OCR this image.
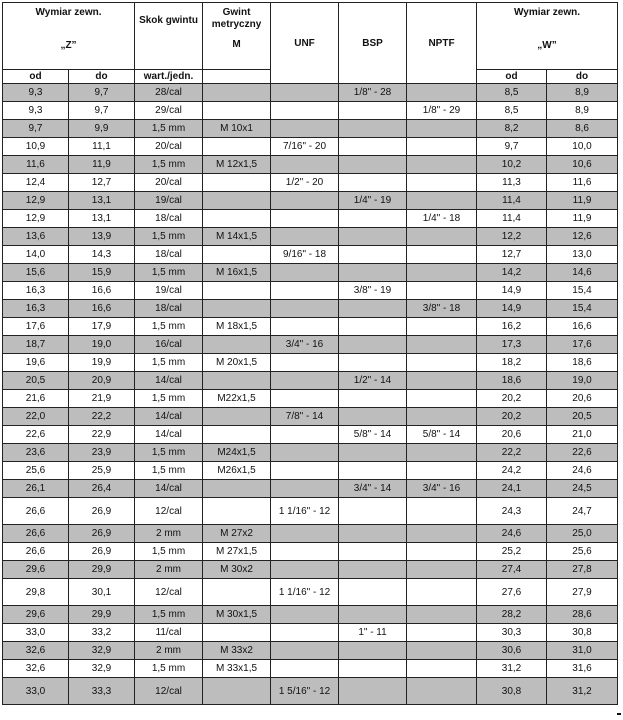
Wymiar zewn.
„Z”		Skok gwintu	Gwint metryczny
M	UNF	BSP	NPTF	Wymiar zewn.
„W”	

od	do	wart./jedn.					od	do
9,3	9,7	28/cal			1/8" - 28		8,5	8,9
9,3	9,7	29/cal				1/8" - 29	8,5	8,9
9,7	9,9	1,5 mm	M 10x1				8,2	8,6
10,9	11,1	20/cal		7/16" - 20			9,7	10,0
11,6	11,9	1,5 mm	M 12x1,5				10,2	10,6
12,4	12,7	20/cal		1/2" - 20			11,3	11,6
12,9	13,1	19/cal			1/4" - 19		11,4	11,9
12,9	13,1	18/cal				1/4" - 18	11,4	11,9
13,6	13,9	1,5 mm	M 14x1,5				12,2	12,6
14,0	14,3	18/cal		9/16" - 18			12,7	13,0
15,6	15,9	1,5 mm	M 16x1,5				14,2	14,6
16,3	16,6	19/cal			3/8" - 19		14,9	15,4
16,3	16,6	18/cal				3/8" - 18	14,9	15,4
17,6	17,9	1,5 mm	M 18x1,5				16,2	16,6
18,7	19,0	16/cal		3/4" - 16			17,3	17,6
19,6	19,9	1,5 mm	M 20x1,5				18,2	18,6
20,5	20,9	14/cal			1/2" - 14		18,6	19,0
21,6	21,9	1,5 mm	M22x1,5				20,2	20,6
22,0	22,2	14/cal		7/8" - 14			20,2	20,5
22,6	22,9	14/cal			5/8" - 14	5/8" - 14	20,6	21,0
23,6	23,9	1,5 mm	M24x1,5				22,2	22,6
25,6	25,9	1,5 mm	M26x1,5				24,2	24,6
26,1	26,4	14/cal			3/4" - 14	3/4" - 16	24,1	24,5
26,6	26,9	12/cal		1 1/16" - 12			24,3	24,7
26,6	26,9	2 mm	M 27x2				24,6	25,0
26,6	26,9	1,5 mm	M 27x1,5				25,2	25,6
29,6	29,9	2 mm	M 30x2				27,4	27,8
29,8	30,1	12/cal		1 1/16" - 12			27,6	27,9
29,6	29,9	1,5 mm	M 30x1,5				28,2	28,6
33,0	33,2	11/cal			1" - 11		30,3	30,8
32,6	32,9	2 mm	M 33x2				30,6	31,0
32,6	32,9	1,5 mm	M 33x1,5				31,2	31,6
33,0	33,3	12/cal		1 5/16" - 12			30,8	31,2
